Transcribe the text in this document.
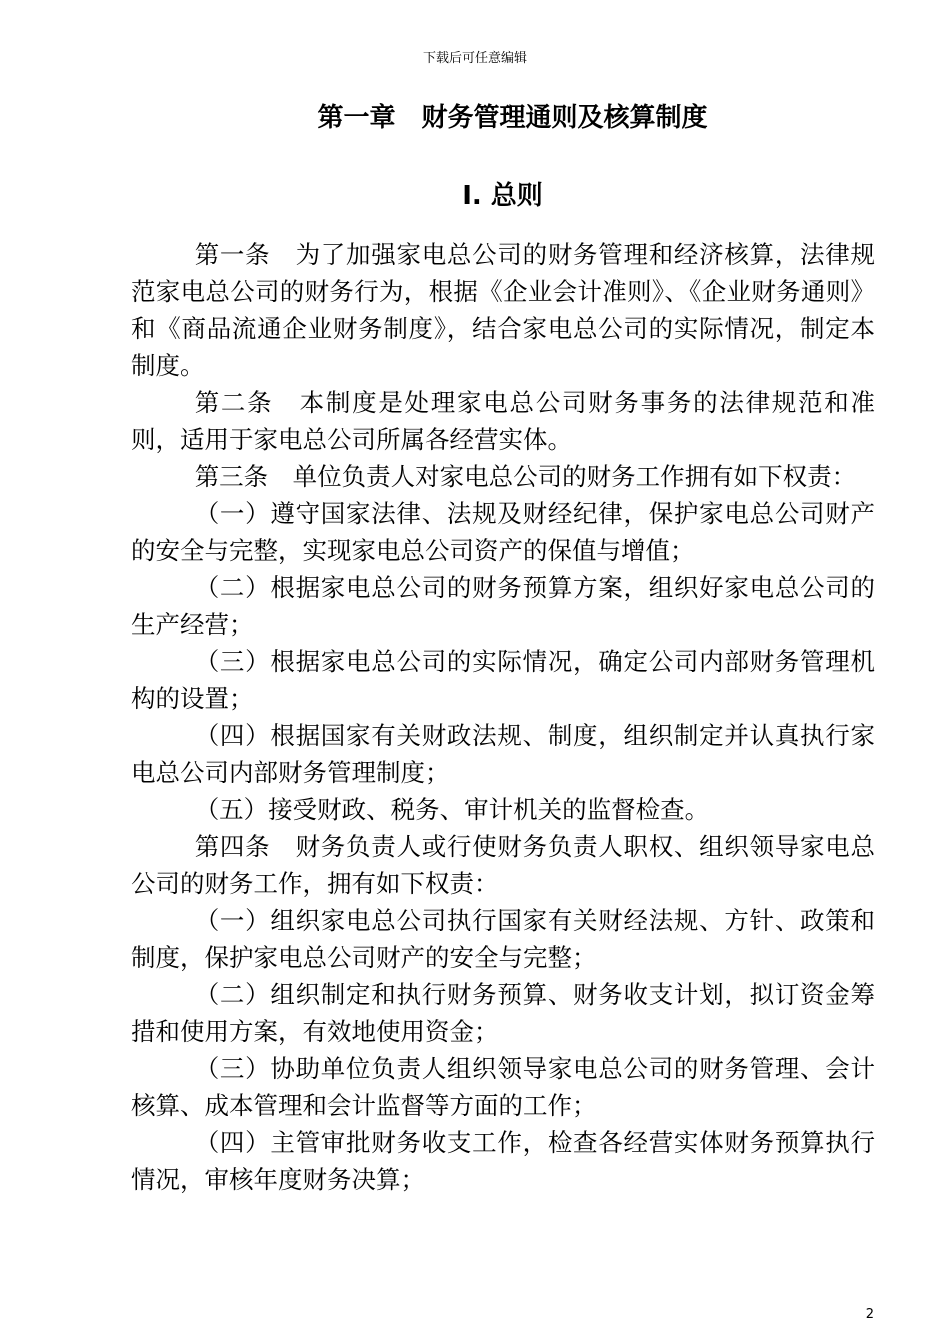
下载后可任意编辑
第一章　财务管理通则及核算制度
Ⅰ. 总则

第一条　为了加强家电总公司的财务管理和经济核算，法律规范家电总公司的财务行为，根据《企业会计准则》、《企业财务通则》和《商品流通企业财务制度》，结合家电总公司的实际情况，制定本制度。

第二条　本制度是处理家电总公司财务事务的法律规范和准则，适用于家电总公司所属各经营实体。

第三条　单位负责人对家电总公司的财务工作拥有如下权责：

（一）遵守国家法律、法规及财经纪律，保护家电总公司财产的安全与完整，实现家电总公司资产的保值与增值；

（二）根据家电总公司的财务预算方案，组织好家电总公司的生产经营；

（三）根据家电总公司的实际情况，确定公司内部财务管理机构的设置；

（四）根据国家有关财政法规、制度，组织制定并认真执行家电总公司内部财务管理制度；

（五）接受财政、税务、审计机关的监督检查。

第四条　财务负责人或行使财务负责人职权、组织领导家电总公司的财务工作，拥有如下权责：

（一）组织家电总公司执行国家有关财经法规、方针、政策和制度，保护家电总公司财产的安全与完整；

（二）组织制定和执行财务预算、财务收支计划，拟订资金筹措和使用方案，有效地使用资金；

（三）协助单位负责人组织领导家电总公司的财务管理、会计核算、成本管理和会计监督等方面的工作；

（四）主管审批财务收支工作，检查各经营实体财务预算执行情况，审核年度财务决算；

2
